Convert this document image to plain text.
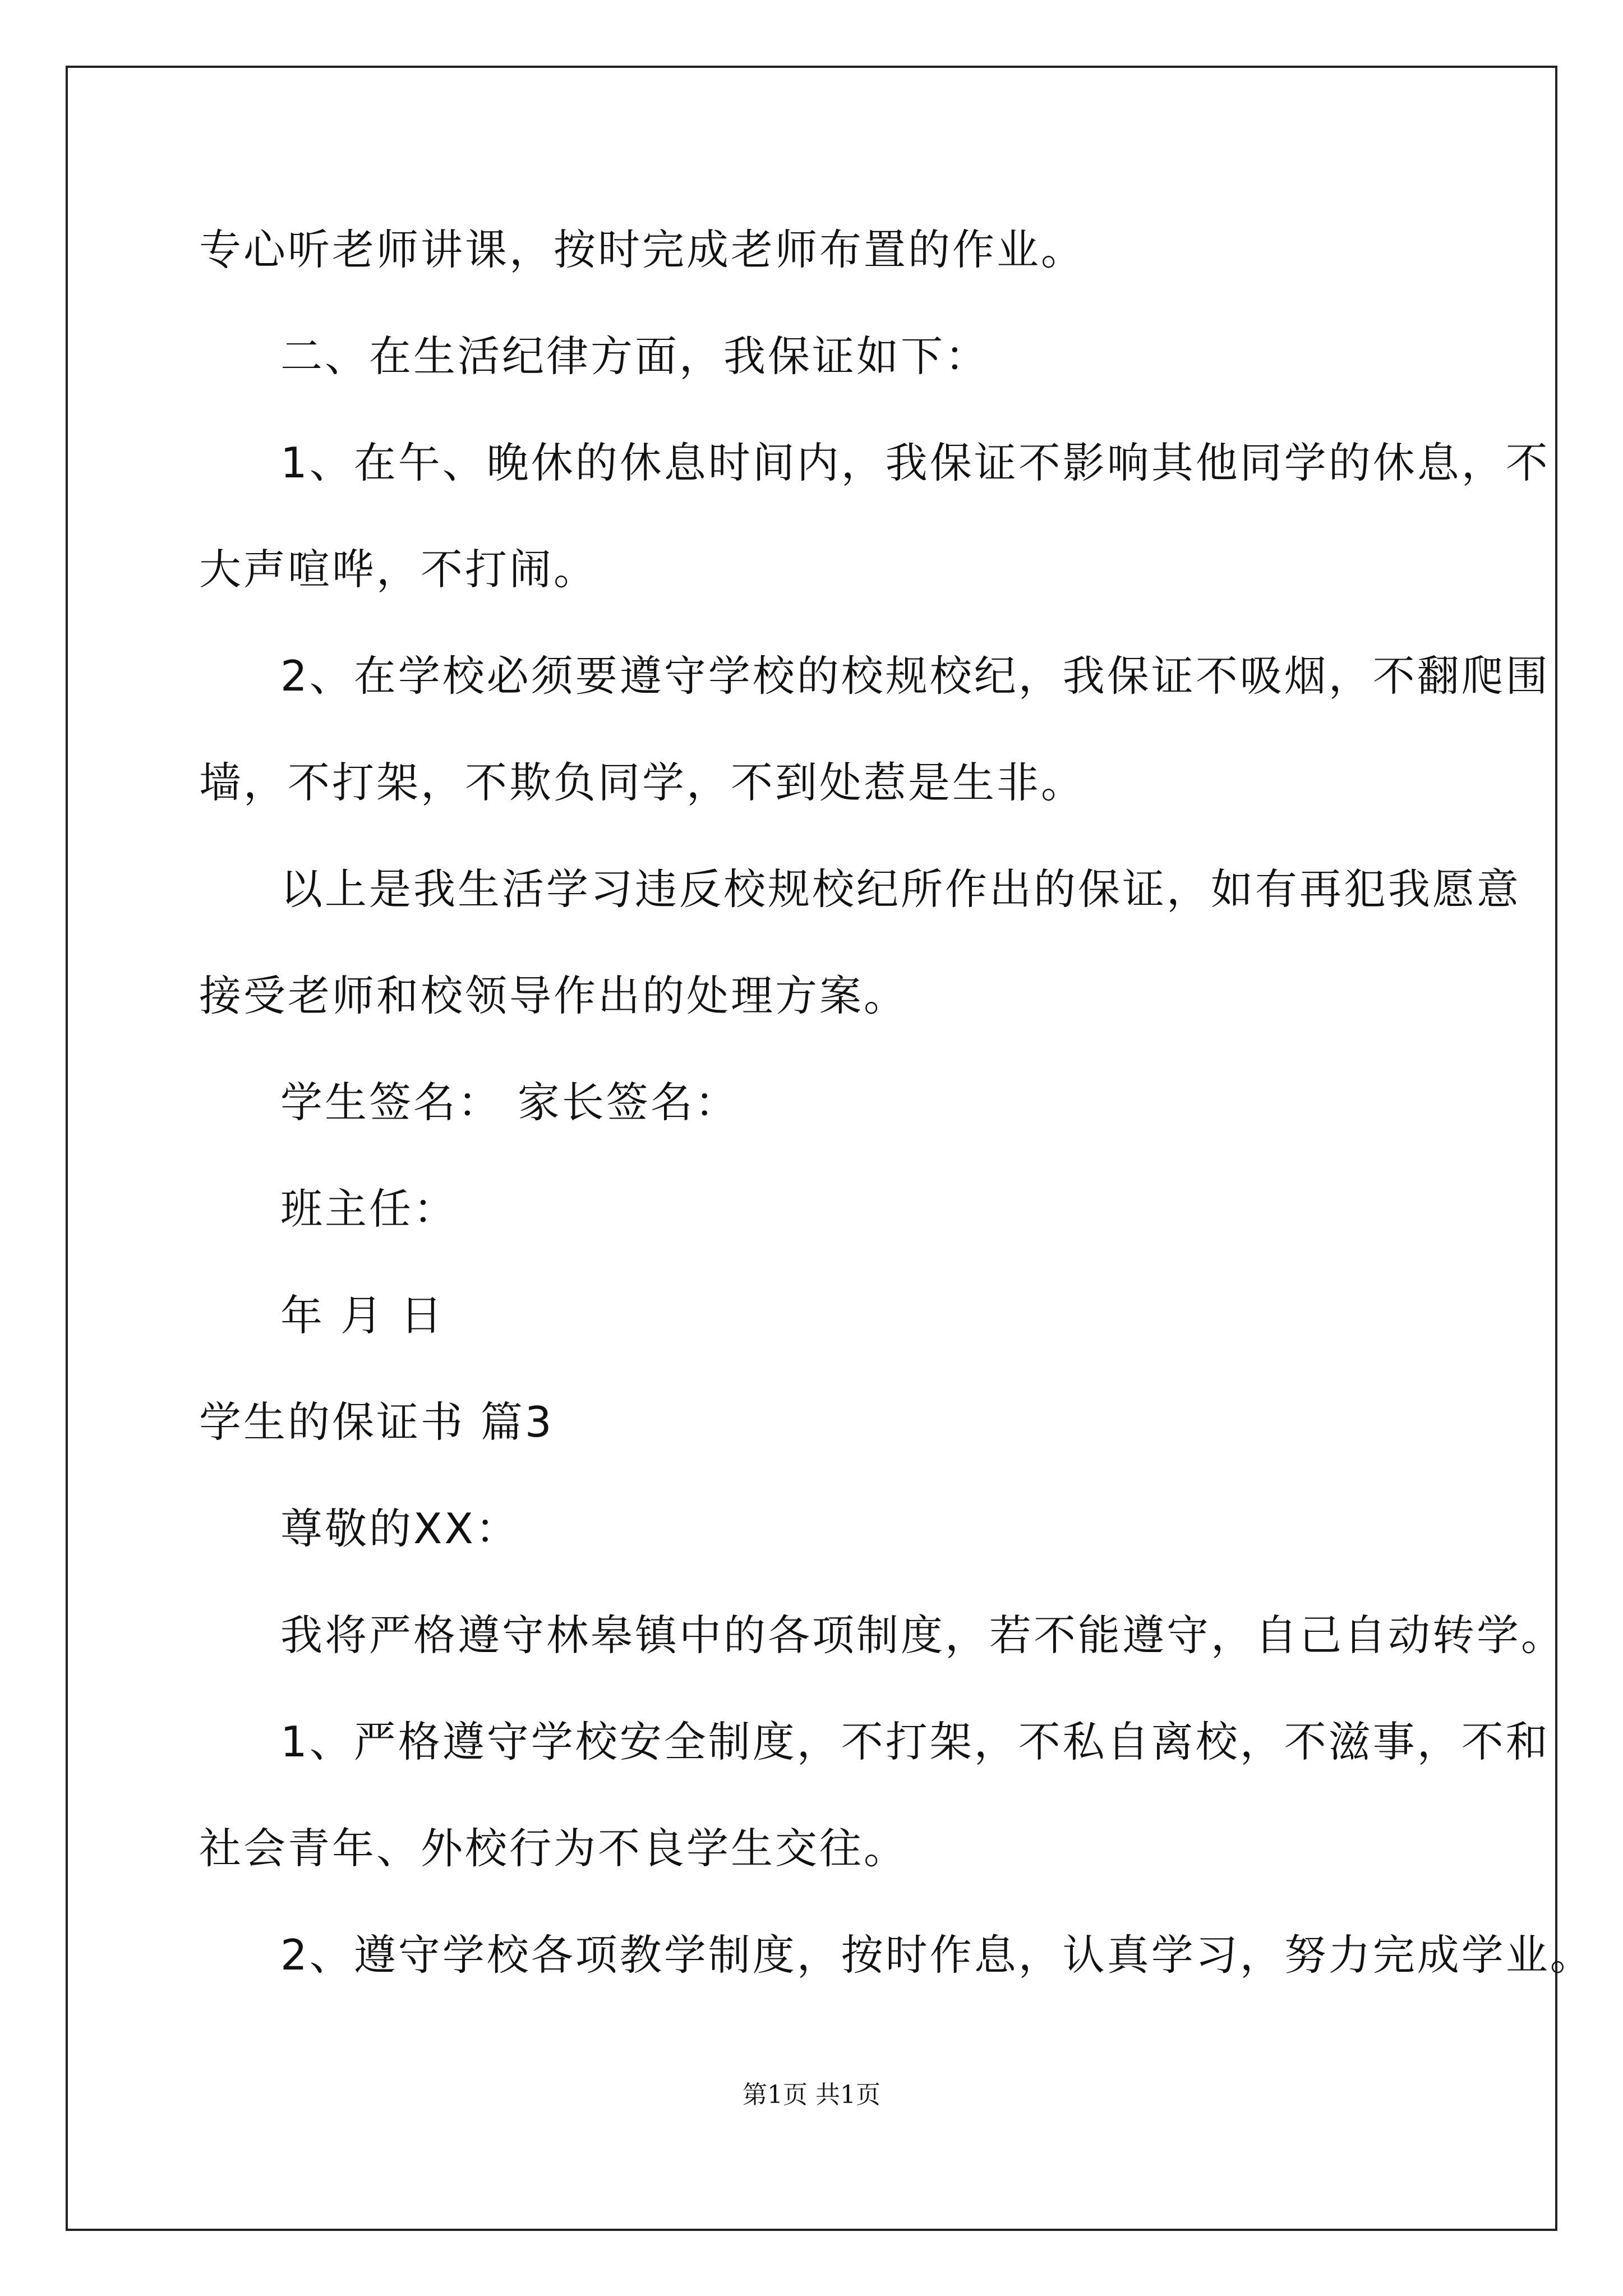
专心听老师讲课，按时完成老师布置的作业。
二、在生活纪律方面，我保证如下：
1、在午、晚休的休息时间内，我保证不影响其他同学的休息，不
大声喧哗，不打闹。
2、在学校必须要遵守学校的校规校纪，我保证不吸烟，不翻爬围
墙，不打架，不欺负同学，不到处惹是生非。
以上是我生活学习违反校规校纪所作出的保证，如有再犯我愿意
接受老师和校领导作出的处理方案。
学生签名： 家长签名：
班主任：
年 月 日
学生的保证书 篇3
尊敬的XX：
我将严格遵守林皋镇中的各项制度，若不能遵守，自己自动转学。
1、严格遵守学校安全制度，不打架，不私自离校，不滋事，不和
社会青年、外校行为不良学生交往。
2、遵守学校各项教学制度，按时作息，认真学习，努力完成学业。
第1页 共1页
